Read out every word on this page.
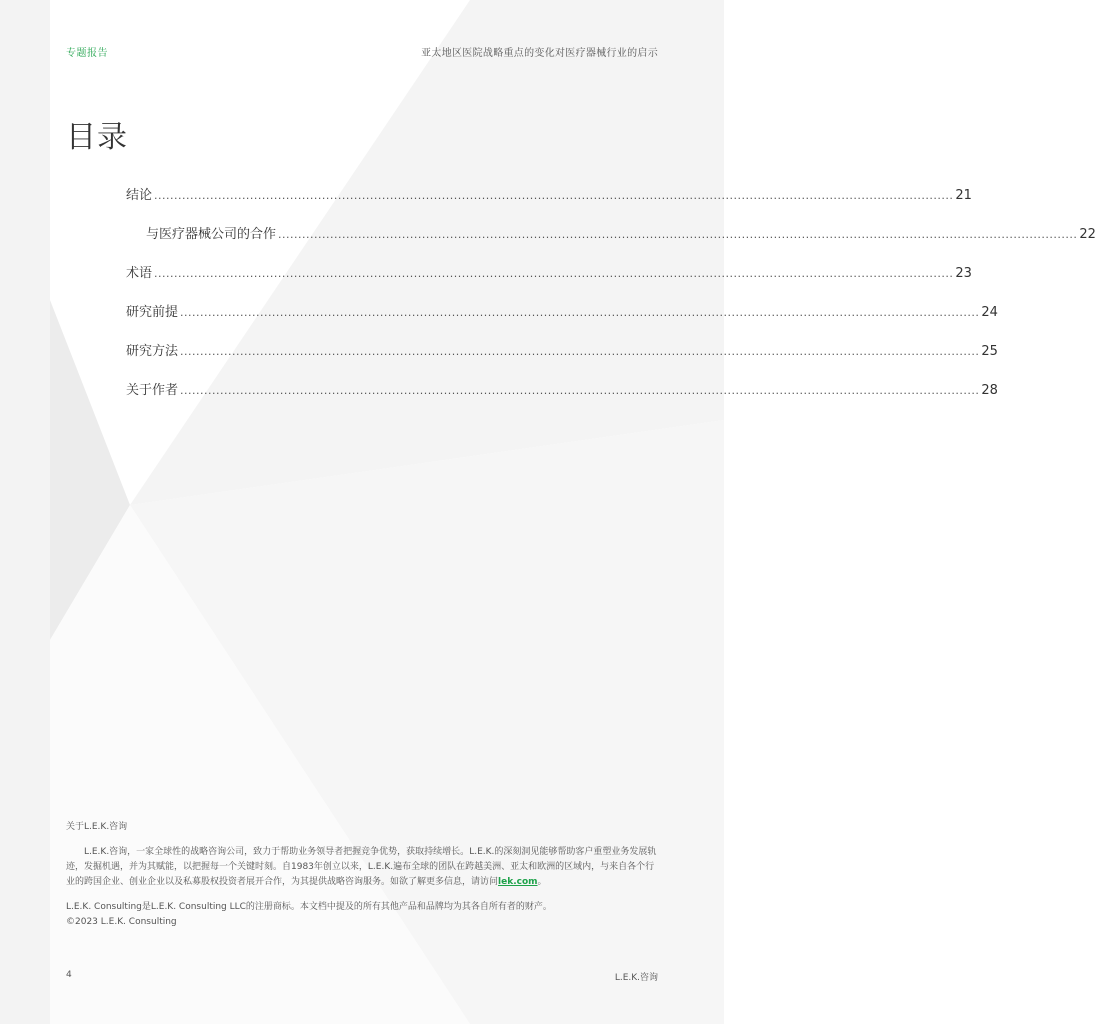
专题报告	亚太地区医院战略重点的变化对医疗器械行业的启示
目录
结论 ........................................................................................................................................................................................................ 21
与医疗器械公司的合作 ........................................................................................................................................................................................................ 22
术语 ........................................................................................................................................................................................................ 23
研究前提 ........................................................................................................................................................................................................ 24
研究方法 ........................................................................................................................................................................................................ 25
关于作者 ........................................................................................................................................................................................................ 28
关于L.E.K.咨询

L.E.K.咨询，一家全球性的战略咨询公司，致力于帮助业务领导者把握竞争优势，获取持续增长。L.E.K.的深刻洞见能够帮助客户重塑业务发展轨迹，发掘机遇，并为其赋能，以把握每一个关键时刻。自1983年创立以来，L.E.K.遍布全球的团队在跨越美洲、亚太和欧洲的区域内，与来自各个行业的跨国企业、创业企业以及私募股权投资者展开合作，为其提供战略咨询服务。如欲了解更多信息，请访问lek.com。

L.E.K. Consulting是L.E.K. Consulting LLC的注册商标。本文档中提及的所有其他产品和品牌均为其各自所有者的财产。
©2023 L.E.K. Consulting
4	L.E.K.咨询
